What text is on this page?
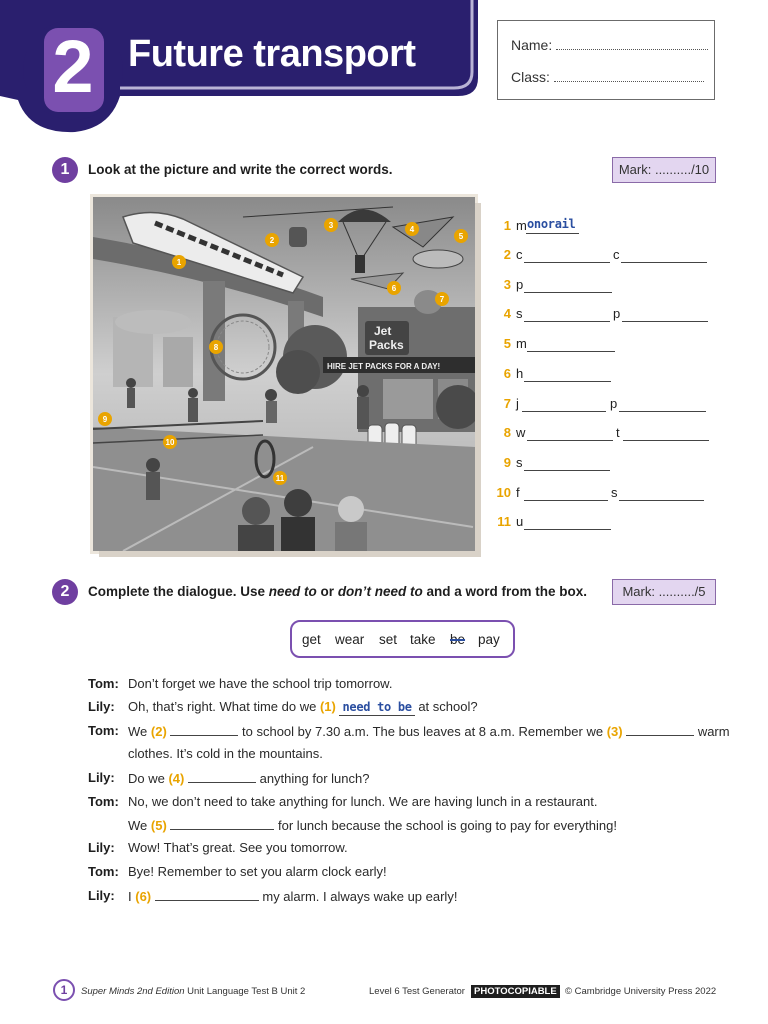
2 Future transport	Name:
Class:
1	Look at the picture and write the correct words.	Mark: ........../10
HIRE JET PACKS FOR A DAY!
Jet
Packs
1
2
3	4
5
6
7
8
9
10
11
1 m onorail
2 c	c
3 p
4 s	p
5 m
6 h
7 j	p
8 w	t
9 s
10 f	s
11 u
2	Complete the dialogue. Use need to or don’t need to and a word from the box.	Mark: ........../5
get wear set take be pay
Tom: Don’t forget we have the school trip tomorrow.
Lily: Oh, that’s right. What time do we (1) need to be at school?
Tom: We (2)	to school by 7.30 a.m. The bus leaves at 8 a.m. Remember we (3)	warm
clothes. It’s cold in the mountains.
Lily: Do we (4)	anything for lunch?
Tom: No, we don’t need to take anything for lunch. We are having lunch in a restaurant.
We (5)	for lunch because the school is going to pay for everything!
Lily: Wow! That’s great. See you tomorrow.
Tom: Bye! Remember to set you alarm clock early!
Lily: I (6)	my alarm. I always wake up early!
1	Super Minds 2nd Edition Unit Language Test B Unit 2	Level 6 Test Generator PHOTOCOPIABLE © Cambridge University Press 2022
